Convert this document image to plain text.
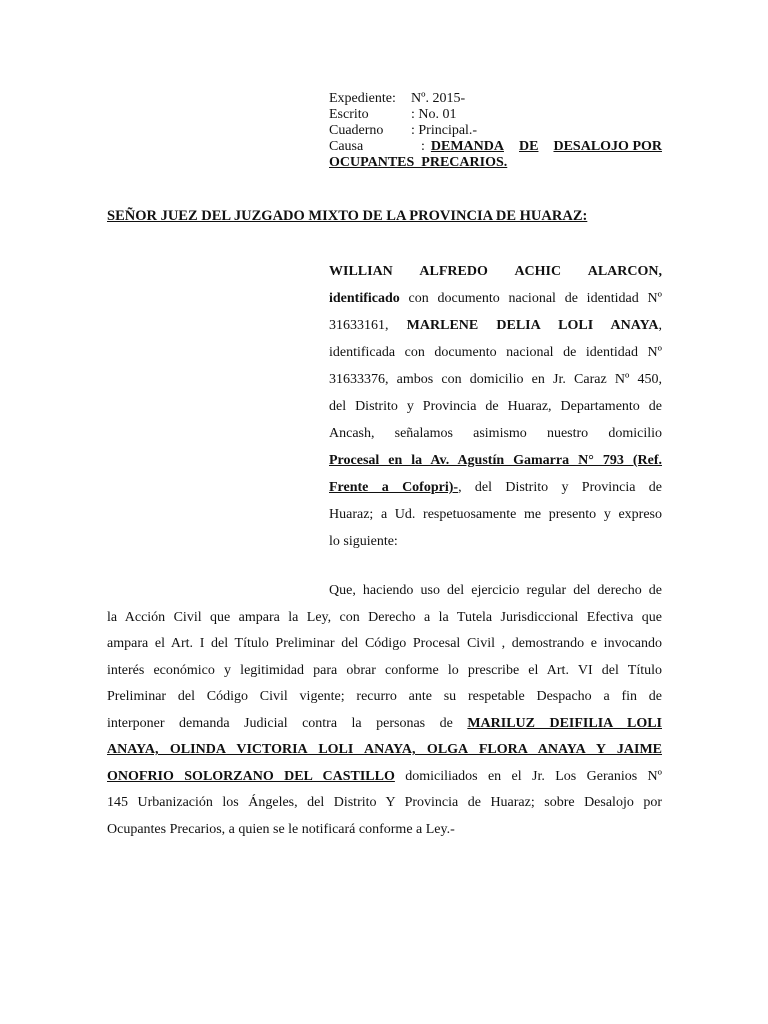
Expediente: Nº. 2015-
Escrito	: No. 01
Cuaderno : Principal.-
Causa	: DEMANDA DE DESALOJO POR
OCUPANTES  PRECARIOS.
SEÑOR JUEZ DEL JUZGADO MIXTO DE LA PROVINCIA DE HUARAZ:
WILLIAN ALFREDO ACHIC ALARCON,
identificado con documento nacional de identidad Nº
31633161, MARLENE DELIA LOLI ANAYA,
identificada con documento nacional de identidad Nº
31633376, ambos con domicilio en Jr. Caraz Nº 450,
del Distrito y Provincia de Huaraz, Departamento de
Ancash, señalamos asimismo nuestro domicilio
Procesal en la Av. Agustín Gamarra N° 793 (Ref.
Frente a Cofopri)-, del Distrito y Provincia de
Huaraz; a Ud. respetuosamente me presento y expreso
lo siguiente:
Que, haciendo uso del ejercicio regular del derecho de
la Acción Civil que ampara la Ley, con Derecho a la Tutela Jurisdiccional Efectiva que
ampara el Art. I del Título Preliminar del Código Procesal Civil , demostrando e invocando
interés económico y legitimidad para obrar conforme lo prescribe el Art. VI del Título
Preliminar del Código Civil vigente; recurro ante su respetable Despacho a fin de
interponer demanda Judicial contra la personas de MARILUZ DEIFILIA LOLI
ANAYA, OLINDA VICTORIA LOLI ANAYA, OLGA FLORA ANAYA Y JAIME
ONOFRIO SOLORZANO DEL CASTILLO domiciliados en el Jr. Los Geranios Nº
145 Urbanización los Ángeles, del Distrito Y Provincia de Huaraz; sobre Desalojo por
Ocupantes Precarios, a quien se le notificará conforme a Ley.-
